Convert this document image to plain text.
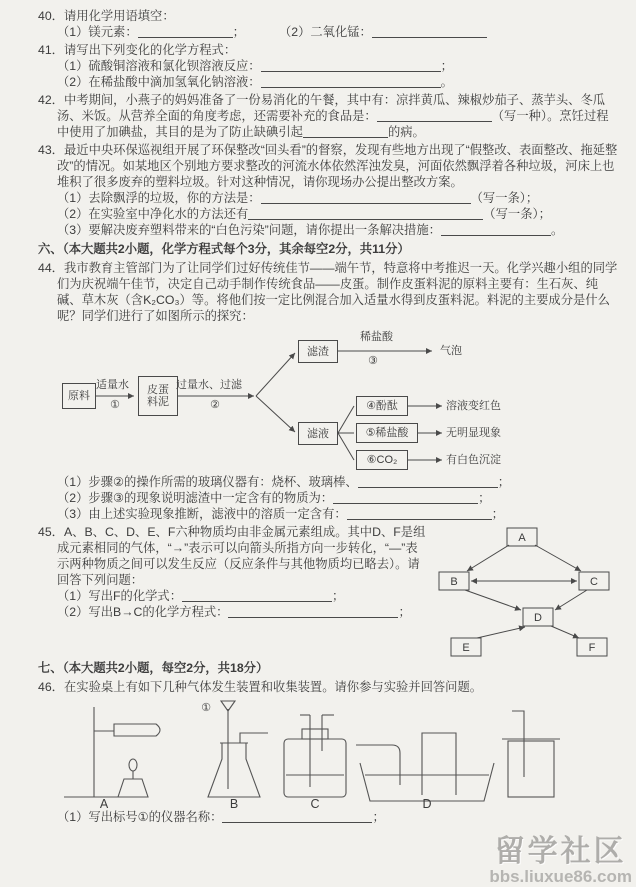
40．请用化学用语填空：
（1）镁元素：	；	（2）二氧化锰：
41．请写出下列变化的化学方程式：
（1）硫酸铜溶液和氯化钡溶液反应：	；
（2）在稀盐酸中滴加氢氧化钠溶液：	。
42．中考期间，小燕子的妈妈准备了一份易消化的午餐，其中有：凉拌黄瓜、辣椒炒茄子、蒸芋头、冬瓜汤、米饭。从营养全面的角度考虑，还需要补充的食品是：	（写一种）。烹饪过程中使用了加碘盐，其目的是为了防止缺碘引起	的病。
43．最近中央环保巡视组开展了环保整改“回头看”的督察，发现有些地方出现了“假整改、表面整改、拖延整改”的情况。如某地区个别地方要求整改的河流水体依然浑浊发臭，河面依然飘浮着各种垃圾，河床上也堆积了很多废弃的塑料垃圾。针对这种情况，请你现场办公提出整改方案。
（1）去除飘浮的垃圾，你的方法是：	（写一条）；
（2）在实验室中净化水的方法还有	（写一条）；
（3）要解决废弃塑料带来的“白色污染”问题，请你提出一条解决措施：	。
六、（本大题共2小题，化学方程式每个3分，其余每空2分，共11分）
44．我市教育主管部门为了让同学们过好传统佳节——端午节，特意将中考推迟一天。化学兴趣小组的同学们为庆祝端午佳节，决定自己动手制作传统食品——皮蛋。制作皮蛋料泥的原料主要有：生石灰、纯碱、草木灰（含K₂CO₃）等。将他们按一定比例混合加入适量水得到皮蛋料泥。料泥的主要成分是什么呢？同学们进行了如图所示的探究：
原料
适量水
①
皮蛋
料泥
过量水、过滤
②
滤渣
稀盐酸
③
气泡
滤液
④酚酞	溶液变红色
⑤稀盐酸	无明显现象
⑥CO₂	有白色沉淀
（1）步骤②的操作所需的玻璃仪器有：烧杯、玻璃棒、	；
（2）步骤③的现象说明滤渣中一定含有的物质为：	；
（3）由上述实验现象推断，滤液中的溶质一定含有：	；
A
B	C
D
E	F
45．A、B、C、D、E、F六种物质均由非金属元素组成。其中D、F是组成元素相同的气体，“→”表示可以向箭头所指方向一步转化，“—”表示两种物质之间可以发生反应（反应条件与其他物质均已略去）。请回答下列问题：
（1）写出F的化学式：	；
（2）写出B→C的化学方程式：	；
七、（本大题共2小题，每空2分，共18分）
46．在实验桌上有如下几种气体发生装置和收集装置。请你参与实验并回答问题。
①
A	B	C	D
（1）写出标号①的仪器名称：	；
留学社区
bbs.liuxue86.com
